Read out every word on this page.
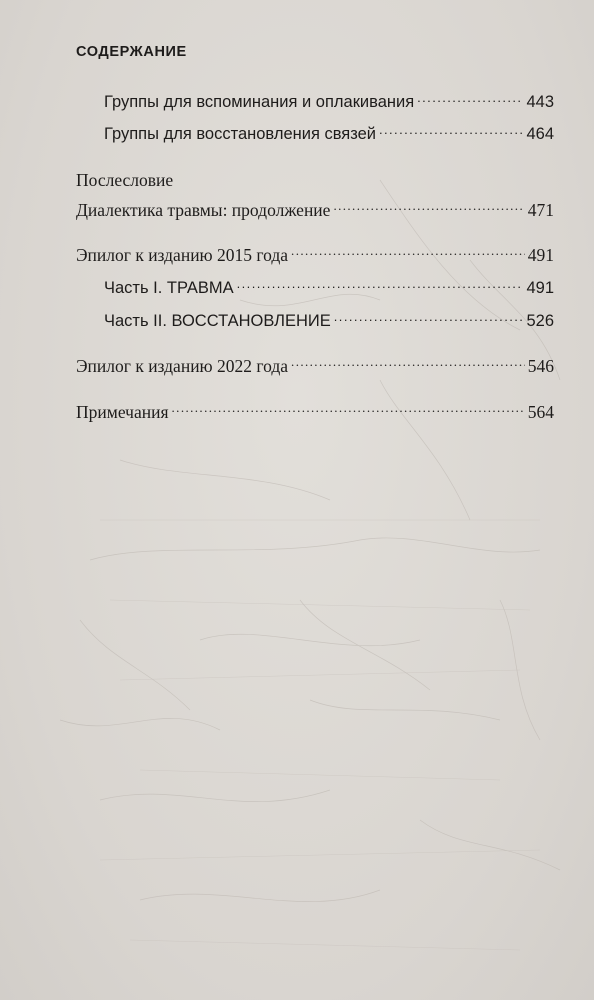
СОДЕРЖАНИЕ
Группы для вспоминания и оплакивания .....	443
Группы для восстановления связей .....	464
Послесловие
Диалектика травмы: продолжение .....	471
Эпилог к изданию 2015 года .....	491
Часть I. ТРАВМА .....	491
Часть II. ВОССТАНОВЛЕНИЕ .....	526
Эпилог к изданию 2022 года .....	546
Примечания .....	564
